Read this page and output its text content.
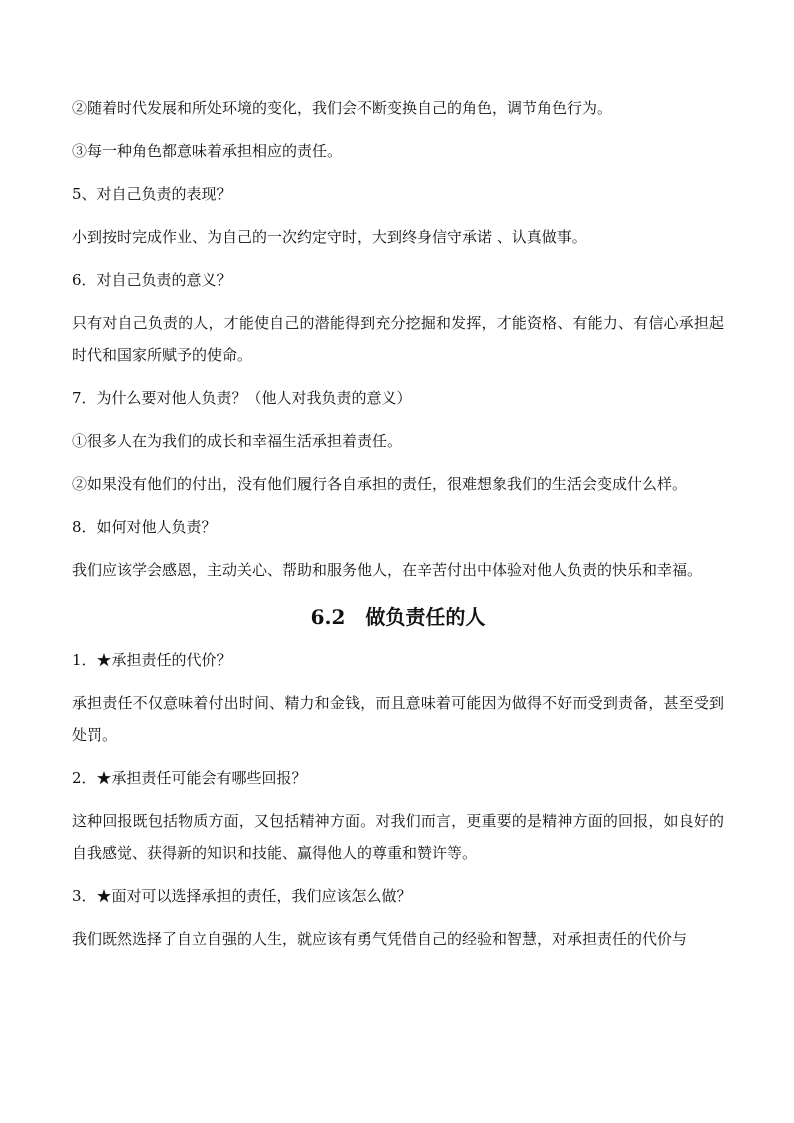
②随着时代发展和所处环境的变化，我们会不断变换自己的角色，调节角色行为。

③每一种角色都意味着承担相应的责任。

5、对自己负责的表现？

小到按时完成作业、为自己的一次约定守时，大到终身信守承诺 、认真做事。

6．对自己负责的意义？

只有对自己负责的人，才能使自己的潜能得到充分挖掘和发挥，才能资格、有能力、有信心承担起时代和国家所赋予的使命。

7．为什么要对他人负责？（他人对我负责的意义）

①很多人在为我们的成长和幸福生活承担着责任。

②如果没有他们的付出，没有他们履行各自承担的责任，很难想象我们的生活会变成什么样。

8．如何对他人负责？

我们应该学会感恩，主动关心、帮助和服务他人，在辛苦付出中体验对他人负责的快乐和幸福。

6.2　做负责任的人

1．★承担责任的代价？

承担责任不仅意味着付出时间、精力和金钱，而且意味着可能因为做得不好而受到责备，甚至受到处罚。

2．★承担责任可能会有哪些回报？

这种回报既包括物质方面，又包括精神方面。对我们而言，更重要的是精神方面的回报，如良好的自我感觉、获得新的知识和技能、赢得他人的尊重和赞许等。

3．★面对可以选择承担的责任，我们应该怎么做？

我们既然选择了自立自强的人生，就应该有勇气凭借自己的经验和智慧，对承担责任的代价与
